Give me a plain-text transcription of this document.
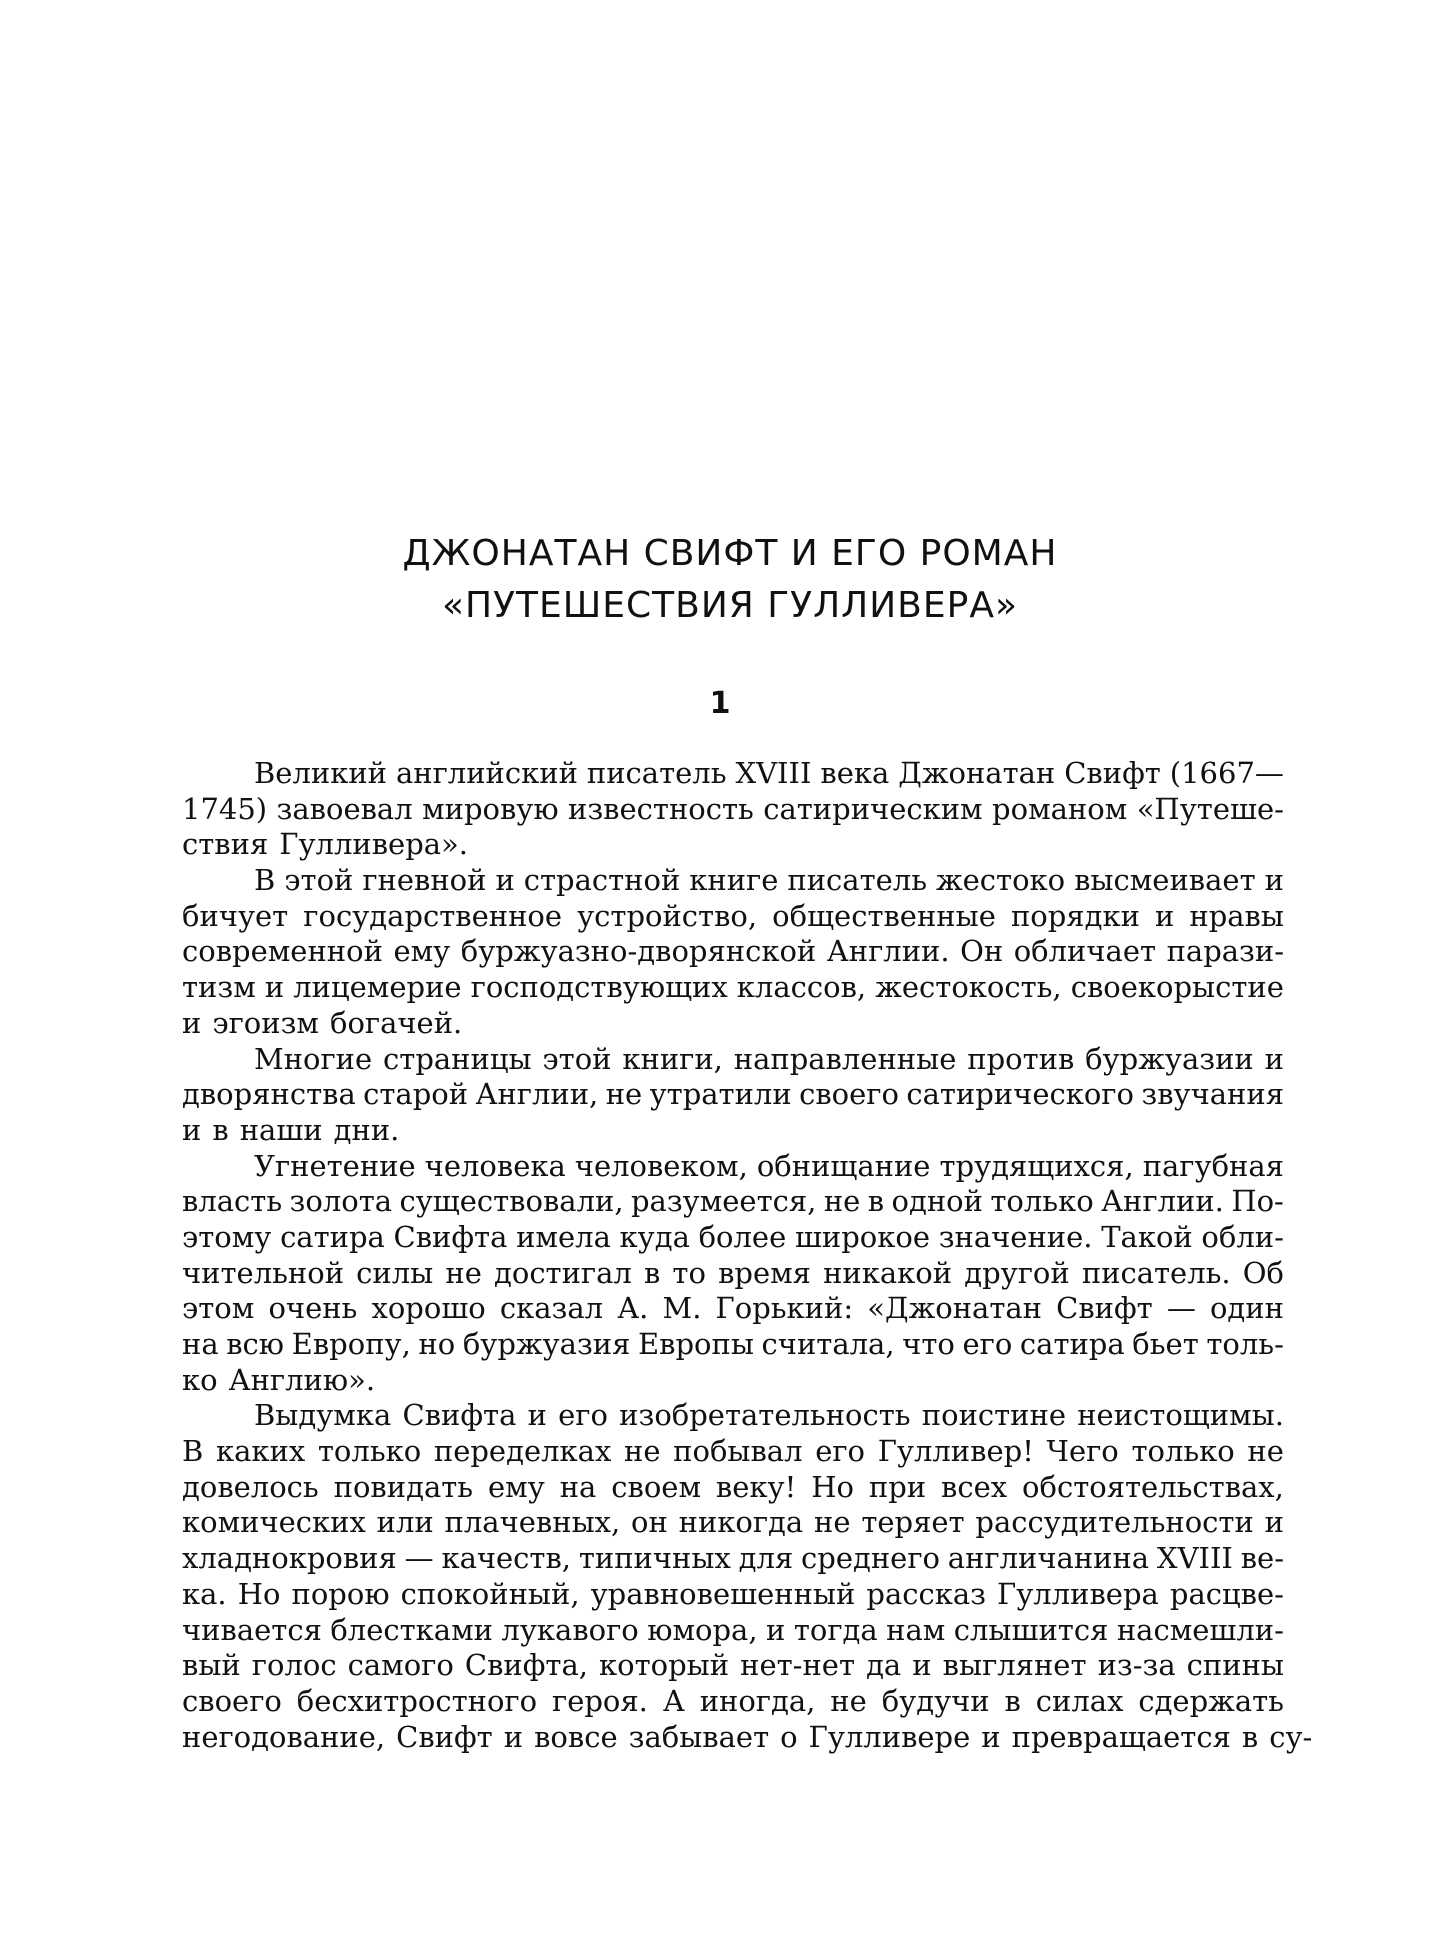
ДЖОНАТАН СВИФТ И ЕГО РОМАН
«ПУТЕШЕСТВИЯ ГУЛЛИВЕРА»
1
Великий английский писатель XVIII века Джонатан Свифт (1667—
1745) завоевал мировую известность сатирическим романом «Путеше-
ствия Гулливера».
В этой гневной и страстной книге писатель жестоко высмеивает и
бичует государственное устройство, общественные порядки и нравы
современной ему буржуазно-дворянской Англии. Он обличает парази-
тизм и лицемерие господствующих классов, жестокость, своекорыстие
и эгоизм богачей.
Многие страницы этой книги, направленные против буржуазии и
дворянства старой Англии, не утратили своего сатирического звучания
и в наши дни.
Угнетение человека человеком, обнищание трудящихся, пагубная
власть золота существовали, разумеется, не в одной только Англии. По-
этому сатира Свифта имела куда более широкое значение. Такой обли-
чительной силы не достигал в то время никакой другой писатель. Об
этом очень хорошо сказал А. М. Горький: «Джонатан Свифт — один
на всю Европу, но буржуазия Европы считала, что его сатира бьет толь-
ко Англию».
Выдумка Свифта и его изобретательность поистине неистощимы.
В каких только переделках не побывал его Гулливер! Чего только не
довелось повидать ему на своем веку! Но при всех обстоятельствах,
комических или плачевных, он никогда не теряет рассудительности и
хладнокровия — качеств, типичных для среднего англичанина XVIII ве-
ка. Но порою спокойный, уравновешенный рассказ Гулливера расцве-
чивается блестками лукавого юмора, и тогда нам слышится насмешли-
вый голос самого Свифта, который нет-нет да и выглянет из-за спины
своего бесхитростного героя. А иногда, не будучи в силах сдержать
негодование, Свифт и вовсе забывает о Гулливере и превращается в су-
